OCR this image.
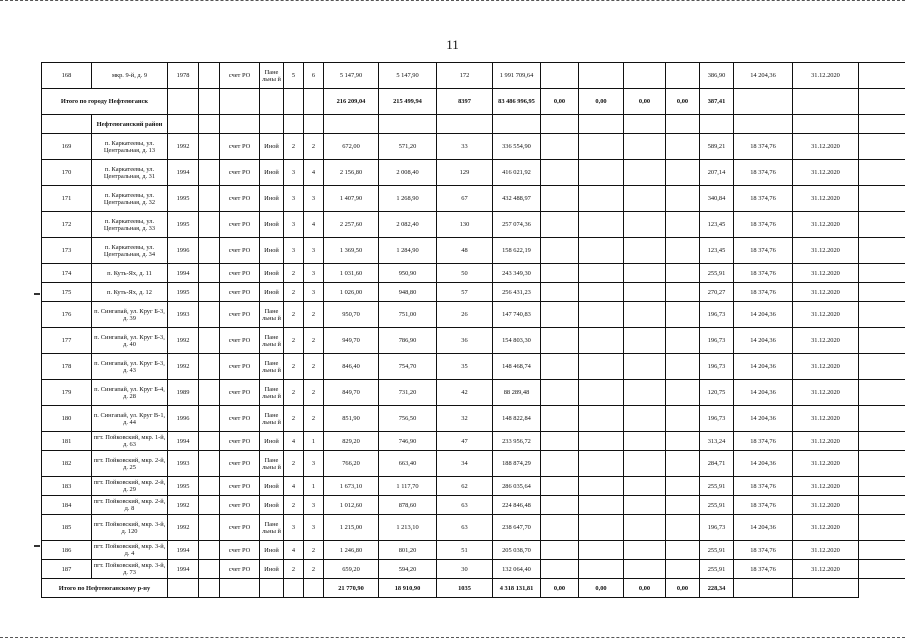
11
168	мкр. 9-й, д. 9	1978		счет РО	Пане льны й	5	6	5 147,90	5 147,90	172	1 991 709,64					386,90	14 204,36	31.12.2020	
Итого по городу Нефтеюганск								216 209,04	215 499,94	8397	83 486 996,95	0,00	0,00	0,00	0,00	387,41			
	Нефтеюганский район																		
169	п. Каркатеевы, ул. Центральная, д. 13	1992		счет РО	Иной	2	2	672,00	571,20	33	336 554,90					589,21	18 374,76	31.12.2020	
170	п. Каркатеевы, ул. Центральная, д. 31	1994		счет РО	Иной	3	4	2 156,80	2 008,40	129	416 021,92					207,14	18 374,76	31.12.2020	
171	п. Каркатеевы, ул. Центральная, д. 32	1995		счет РО	Иной	3	3	1 407,90	1 268,90	67	432 488,97					340,84	18 374,76	31.12.2020	
172	п. Каркатеевы, ул. Центральная, д. 33	1995		счет РО	Иной	3	4	2 257,60	2 082,40	130	257 074,36					123,45	18 374,76	31.12.2020	
173	п. Каркатеевы, ул. Центральная, д. 34	1996		счет РО	Иной	3	3	1 369,50	1 284,90	48	158 622,19					123,45	18 374,76	31.12.2020	
174	п. Куть-Ях, д. 11	1994		счет РО	Иной	2	3	1 031,60	950,90	50	243 349,30					255,91	18 374,76	31.12.2020	
175	п. Куть-Ях, д. 12	1995		счет РО	Иной	2	3	1 026,00	948,80	57	256 431,23					270,27	18 374,76	31.12.2020	
176	п. Сингапай, ул. Круг Б-3, д. 39	1993		счет РО	Пане льны й	2	2	950,70	751,00	26	147 740,83					196,73	14 204,36	31.12.2020	
177	п. Сингапай, ул. Круг Б-3, д. 40	1992		счет РО	Пане льны й	2	2	949,70	786,90	36	154 803,30					196,73	14 204,36	31.12.2020	
178	п. Сингапай, ул. Круг Б-3, д. 43	1992		счет РО	Пане льны й	2	2	846,40	754,70	35	148 468,74					196,73	14 204,36	31.12.2020	
179	п. Сингапай, ул. Круг Б-4, д. 28	1989		счет РО	Пане льны й	2	2	849,70	731,20	42	88 289,48					120,75	14 204,36	31.12.2020	
180	п. Сингапай, ул. Круг В-1, д. 44	1996		счет РО	Пане льны й	2	2	851,90	756,50	32	148 822,84					196,73	14 204,36	31.12.2020	
181	пгт. Пойковский, мкр. 1-й, д. 63	1994		счет РО	Иной	4	1	829,20	746,90	47	233 956,72					313,24	18 374,76	31.12.2020	
182	пгт. Пойковский, мкр. 2-й, д. 25	1993		счет РО	Пане льны й	2	3	766,20	663,40	34	188 874,29					284,71	14 204,36	31.12.2020	
183	пгт. Пойковский, мкр. 2-й, д. 29	1995		счет РО	Иной	4	1	1 673,10	1 117,70	62	286 035,64					255,91	18 374,76	31.12.2020	
184	пгт. Пойковский, мкр. 2-й, д. 8	1992		счет РО	Иной	2	3	1 012,60	878,60	63	224 846,48					255,91	18 374,76	31.12.2020	
185	пгт. Пойковский, мкр. 3-й, д. 120	1992		счет РО	Пане льны й	3	3	1 215,00	1 213,10	63	238 647,70					196,73	14 204,36	31.12.2020	
186	пгт. Пойковский, мкр. 3-й, д. 4	1994		счет РО	Иной	4	2	1 246,80	801,20	51	205 038,70					255,91	18 374,76	31.12.2020	
187	пгт. Пойковский, мкр. 3-й, д. 73	1994		счет РО	Иной	2	2	659,20	594,20	30	132 064,40					255,91	18 374,76	31.12.2020	
Итого по Нефтеюганскому р-ну								21 770,90	18 910,90	1035	4 318 131,81	0,00	0,00	0,00	0,00	228,34			
